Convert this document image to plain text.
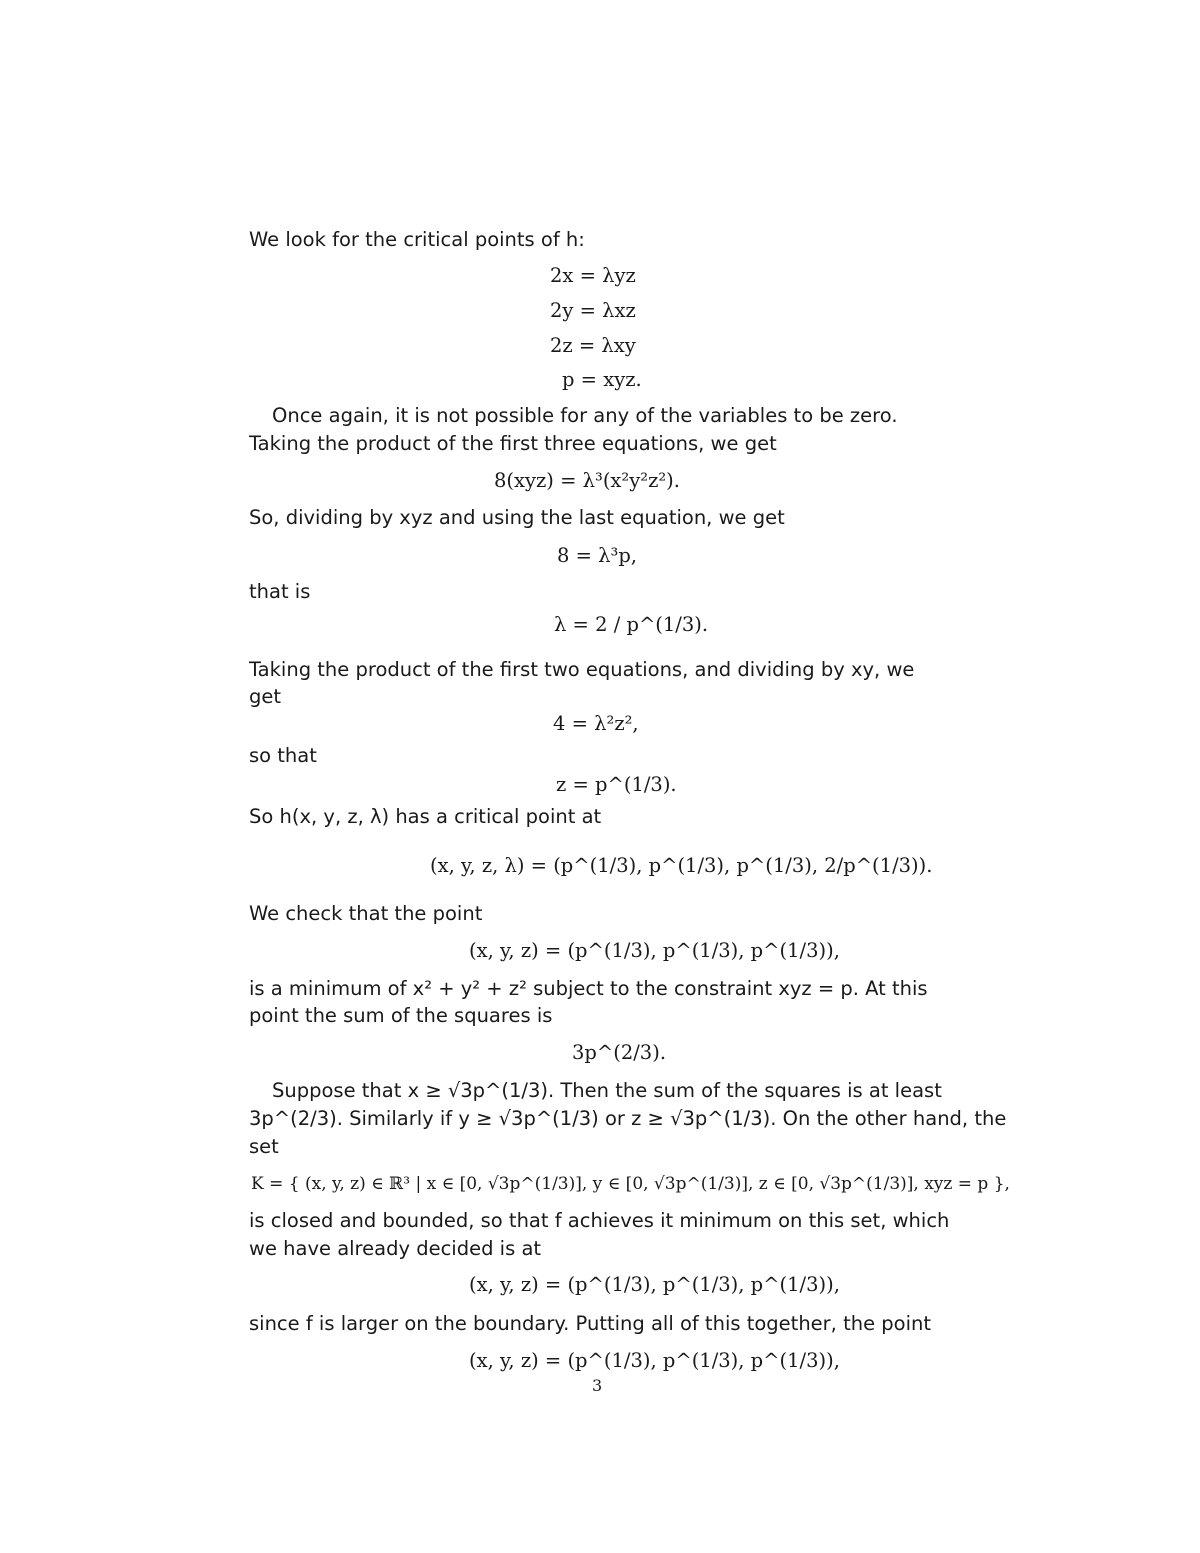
We look for the critical points of h:
2x = λyz
2y = λxz
2z = λxy
p = xyz.
Once again, it is not possible for any of the variables to be zero.
Taking the product of the first three equations, we get
8(xyz) = λ³(x²y²z²).
So, dividing by xyz and using the last equation, we get
8 = λ³p,
that is
λ = 2 / p^(1/3).
Taking the product of the first two equations, and dividing by xy, we
get
4 = λ²z²,
so that
z = p^(1/3).
So h(x, y, z, λ) has a critical point at
(x, y, z, λ) = (p^(1/3), p^(1/3), p^(1/3), 2/p^(1/3)).
We check that the point
(x, y, z) = (p^(1/3), p^(1/3), p^(1/3)),
is a minimum of x² + y² + z² subject to the constraint xyz = p. At this
point the sum of the squares is
3p^(2/3).
Suppose that x ≥ √3p^(1/3). Then the sum of the squares is at least
3p^(2/3). Similarly if y ≥ √3p^(1/3) or z ≥ √3p^(1/3). On the other hand, the
set
K = { (x, y, z) ∈ ℝ³ | x ∈ [0, √3p^(1/3)], y ∈ [0, √3p^(1/3)], z ∈ [0, √3p^(1/3)], xyz = p },
is closed and bounded, so that f achieves it minimum on this set, which
we have already decided is at
(x, y, z) = (p^(1/3), p^(1/3), p^(1/3)),
since f is larger on the boundary. Putting all of this together, the point
(x, y, z) = (p^(1/3), p^(1/3), p^(1/3)),
3
